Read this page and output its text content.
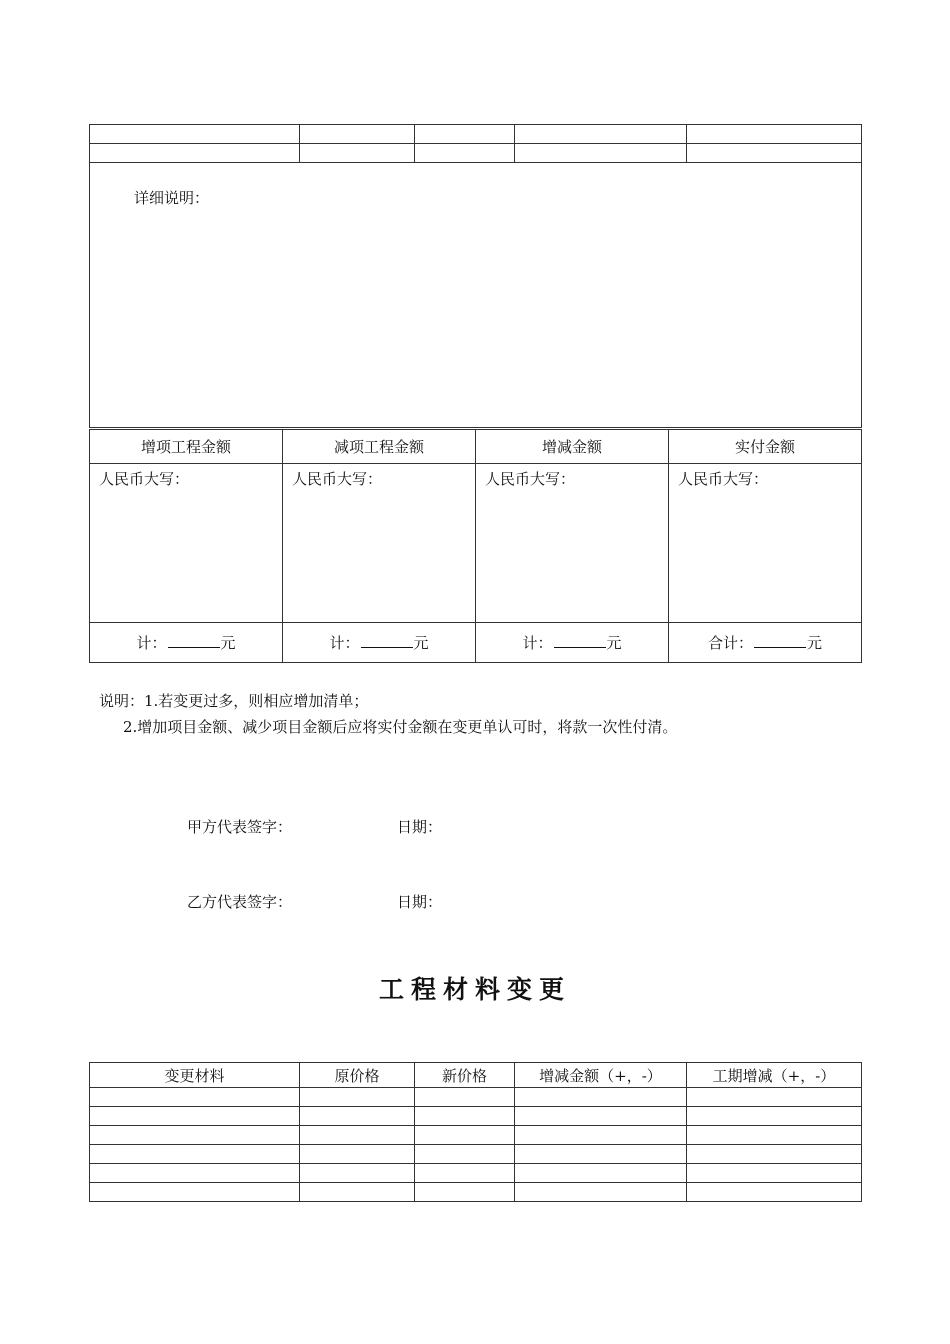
详细说明：				
增项工程金额	减项工程金额	增减金额	实付金额
人民币大写：	人民币大写：	人民币大写：	人民币大写：
计： 元	计： 元	计： 元	合计： 元
说明：1.若变更过多，则相应增加清单；
2.增加项目金额、减少项目金额后应将实付金额在变更单认可时，将款一次性付清。
甲方代表签字：	日期：
乙方代表签字：	日期：
工程材料变更
变更材料	原价格	新价格	增减金额（+，-）	工期增减（+，-）
